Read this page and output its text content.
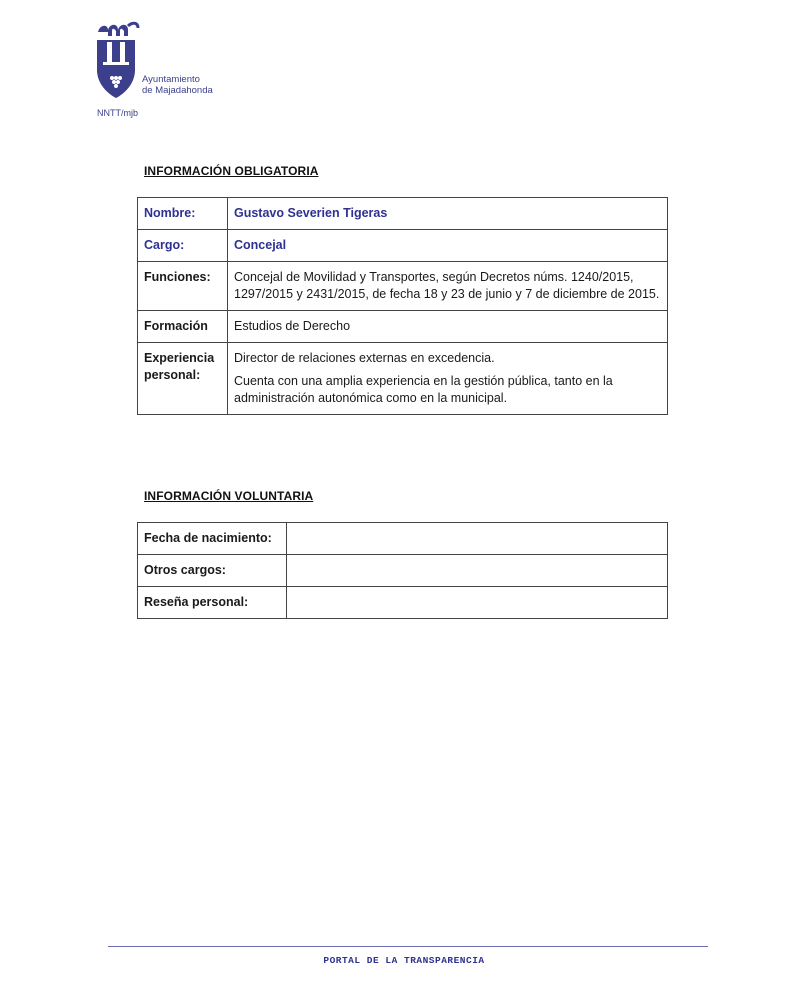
Ayuntamiento
de Majadahonda
NNTT/mjb
INFORMACIÓN OBLIGATORIA
Nombre:	Gustavo Severien Tigeras
Cargo:	Concejal
Funciones:	Concejal de Movilidad y Transportes, según Decretos núms. 1240/2015, 1297/2015 y 2431/2015, de fecha 18 y 23 de junio y 7 de diciembre de 2015.
Formación	Estudios de Derecho
Experiencia personal:	Director de relaciones externas en excedencia.
Cuenta con una amplia experiencia en la gestión pública, tanto en la administración autonómica como en la municipal.
INFORMACIÓN VOLUNTARIA
Fecha de nacimiento:	
Otros cargos:	
Reseña personal:	
PORTAL DE LA TRANSPARENCIA
